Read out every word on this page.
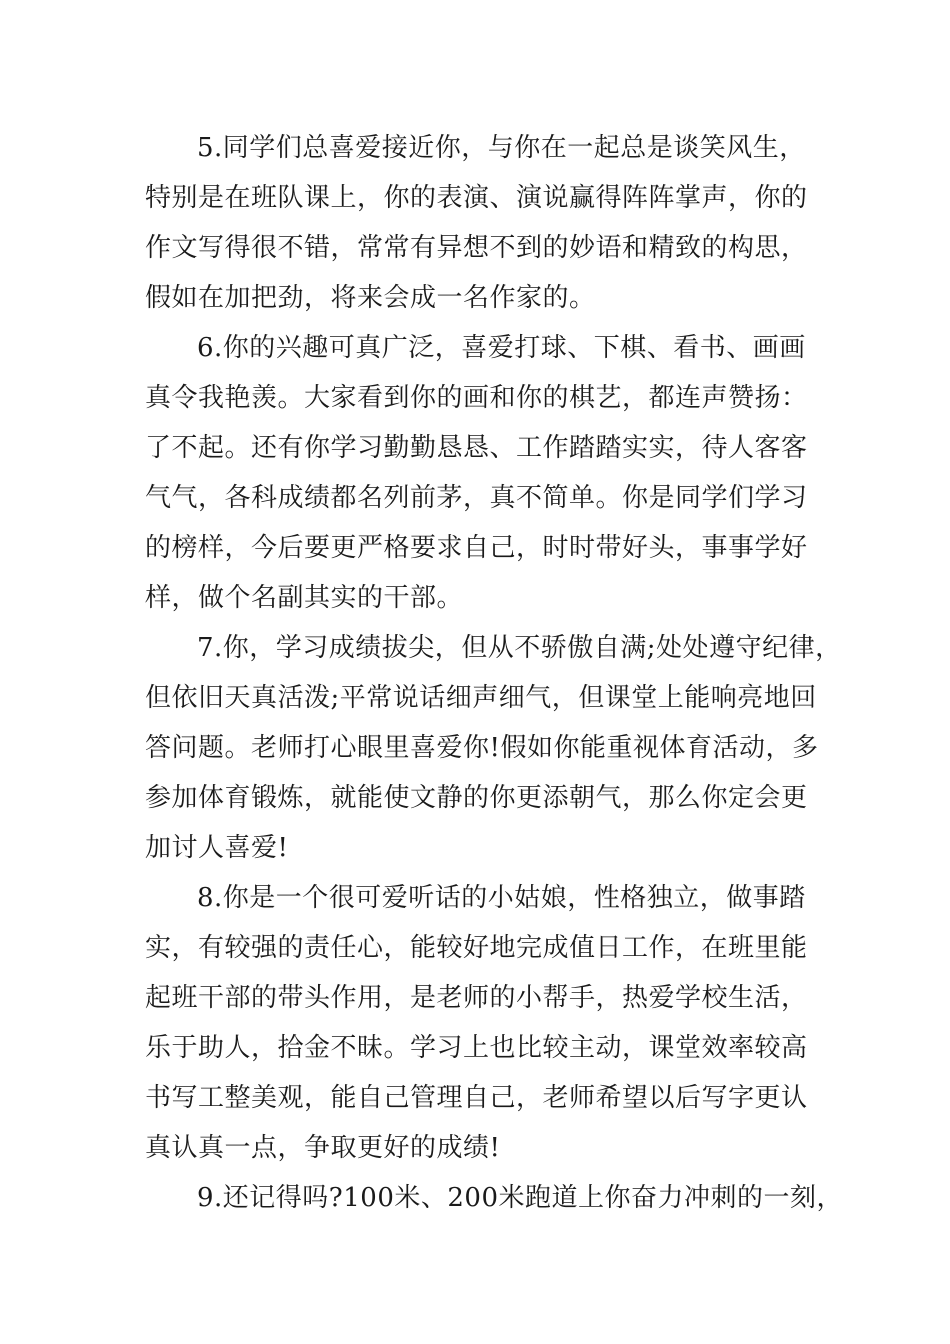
5.同学们总喜爱接近你，与你在一起总是谈笑风生，
特别是在班队课上，你的表演、演说赢得阵阵掌声，你的
作文写得很不错，常常有异想不到的妙语和精致的构思，
假如在加把劲，将来会成一名作家的。
6.你的兴趣可真广泛，喜爱打球、下棋、看书、画画
真令我艳羡。大家看到你的画和你的棋艺，都连声赞扬：
了不起。还有你学习勤勤恳恳、工作踏踏实实，待人客客
气气，各科成绩都名列前茅，真不简单。你是同学们学习
的榜样，今后要更严格要求自己，时时带好头，事事学好
样，做个名副其实的干部。
7.你，学习成绩拔尖，但从不骄傲自满;处处遵守纪律，
但依旧天真活泼;平常说话细声细气，但课堂上能响亮地回
答问题。老师打心眼里喜爱你!假如你能重视体育活动，多
参加体育锻炼，就能使文静的你更添朝气，那么你定会更
加讨人喜爱!
8.你是一个很可爱听话的小姑娘，性格独立，做事踏
实，有较强的责任心，能较好地完成值日工作，在班里能
起班干部的带头作用，是老师的小帮手，热爱学校生活，
乐于助人，拾金不昧。学习上也比较主动，课堂效率较高
书写工整美观，能自己管理自己，老师希望以后写字更认
真认真一点，争取更好的成绩!
9.还记得吗?100米、200米跑道上你奋力冲刺的一刻，
